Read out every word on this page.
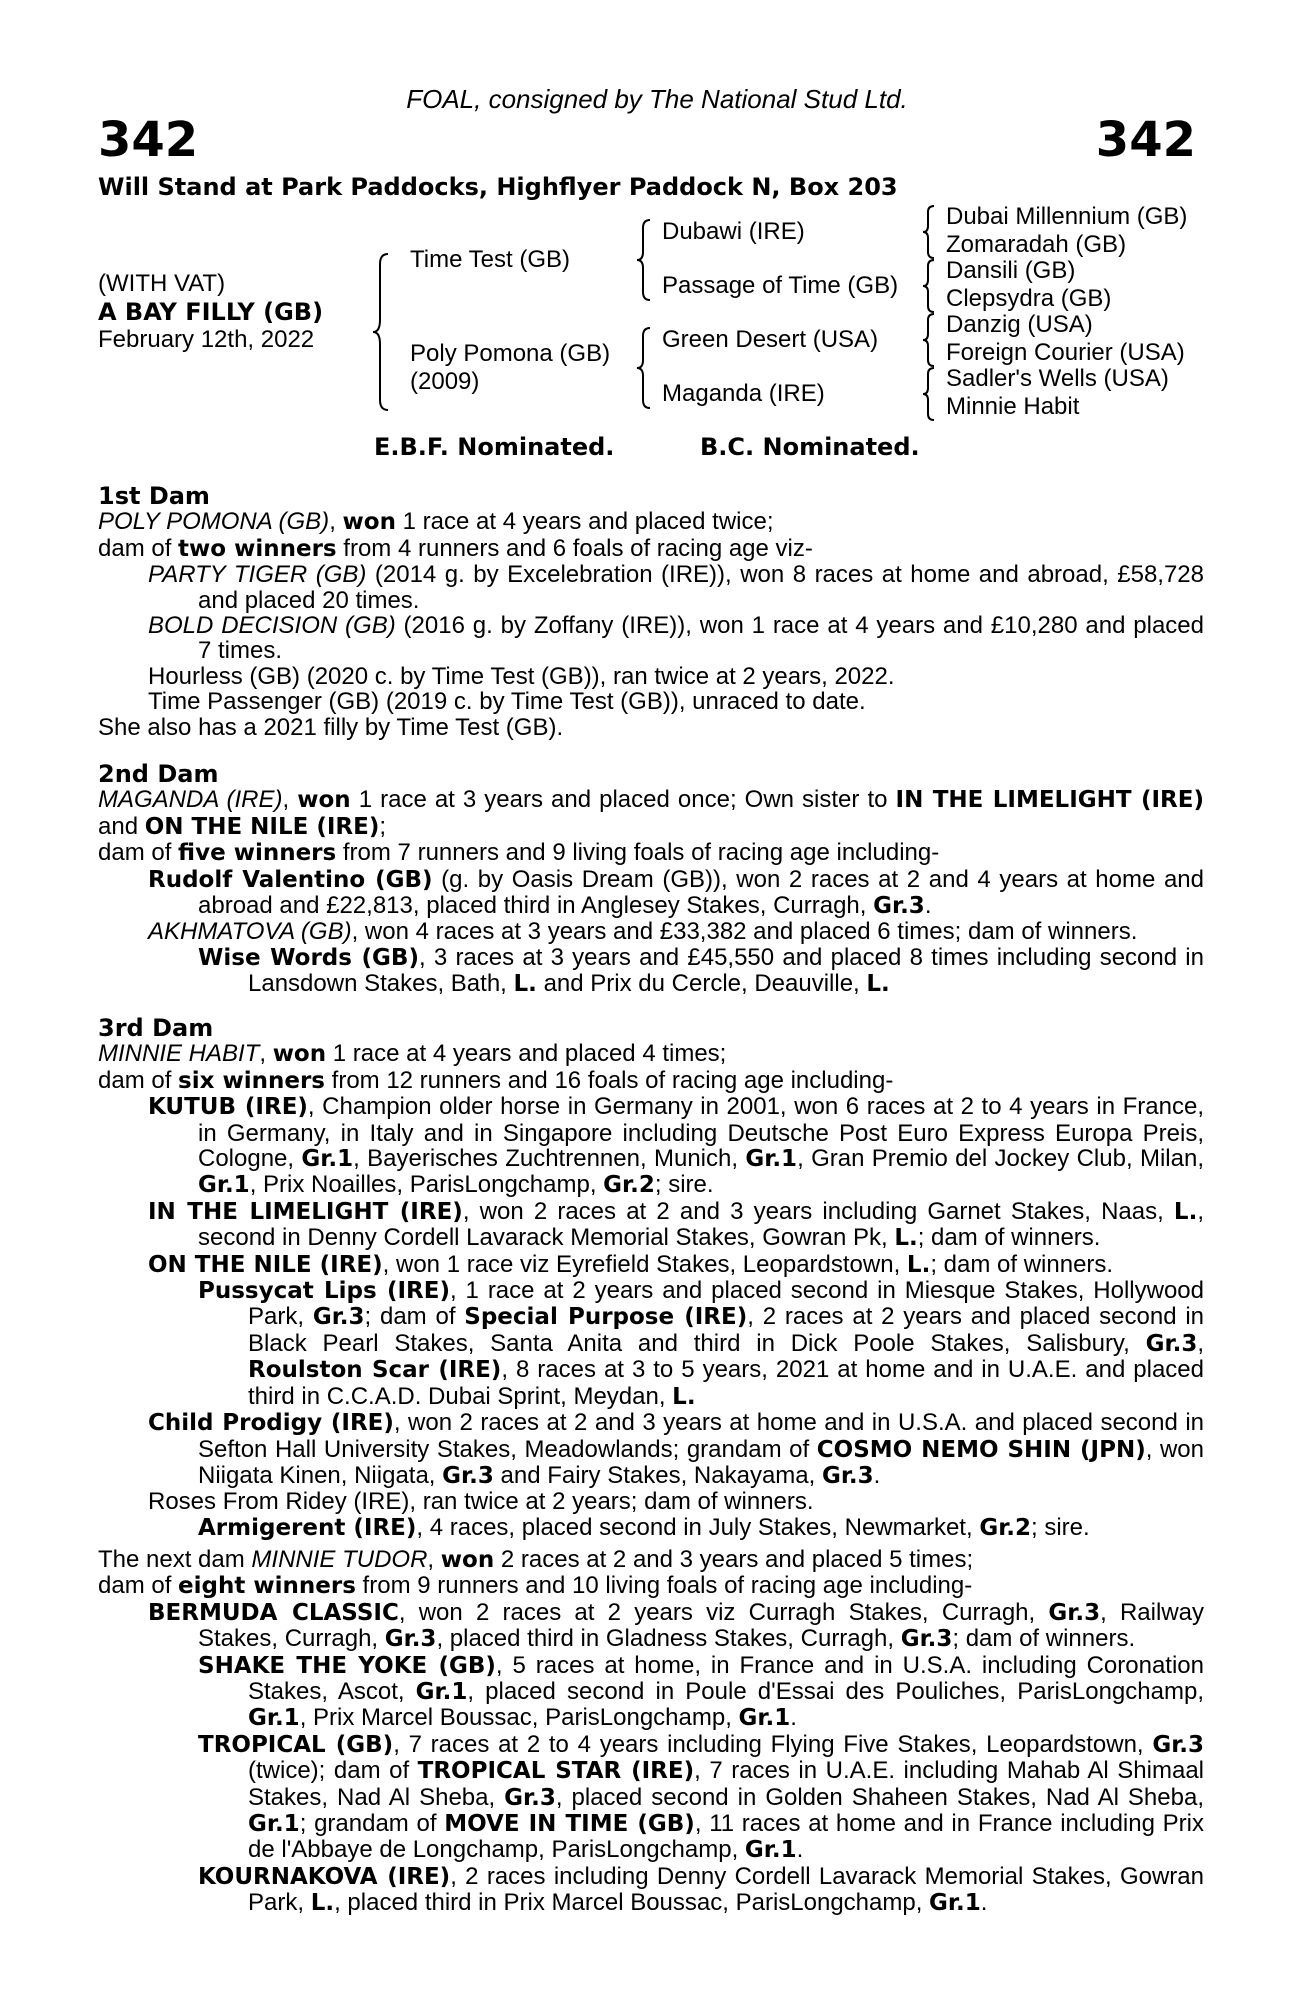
FOAL, consigned by The National Stud Ltd.
342	342
Will Stand at Park Paddocks, Highflyer Paddock N, Box 203
(WITH VAT)
A BAY FILLY (GB)
February 12th, 2022
Time Test (GB)
Poly Pomona (GB)
(2009)
Dubawi (IRE)
Passage of Time (GB)
Green Desert (USA)
Maganda (IRE)
Dubai Millennium (GB)
Zomaradah (GB)
Dansili (GB)
Clepsydra (GB)
Danzig (USA)
Foreign Courier (USA)
Sadler's Wells (USA)
Minnie Habit
E.B.F. Nominated.	B.C. Nominated.

1st Dam

POLY POMONA (GB), won 1 race at 4 years and placed twice;

dam of two winners from 4 runners and 6 foals of racing age viz-

PARTY TIGER (GB) (2014 g. by Excelebration (IRE)), won 8 races at home and abroad, £58,728 and placed 20 times.

BOLD DECISION (GB) (2016 g. by Zoffany (IRE)), won 1 race at 4 years and £10,280 and placed 7 times.

Hourless (GB) (2020 c. by Time Test (GB)), ran twice at 2 years, 2022.

Time Passenger (GB) (2019 c. by Time Test (GB)), unraced to date.

She also has a 2021 filly by Time Test (GB).

2nd Dam

MAGANDA (IRE), won 1 race at 3 years and placed once; Own sister to IN THE LIMELIGHT (IRE) and ON THE NILE (IRE);

dam of five winners from 7 runners and 9 living foals of racing age including-

Rudolf Valentino (GB) (g. by Oasis Dream (GB)), won 2 races at 2 and 4 years at home and abroad and £22,813, placed third in Anglesey Stakes, Curragh, Gr.3.

AKHMATOVA (GB), won 4 races at 3 years and £33,382 and placed 6 times; dam of winners.

Wise Words (GB), 3 races at 3 years and £45,550 and placed 8 times including second in Lansdown Stakes, Bath, L. and Prix du Cercle, Deauville, L.

3rd Dam

MINNIE HABIT, won 1 race at 4 years and placed 4 times;

dam of six winners from 12 runners and 16 foals of racing age including-

KUTUB (IRE), Champion older horse in Germany in 2001, won 6 races at 2 to 4 years in France, in Germany, in Italy and in Singapore including Deutsche Post Euro Express Europa Preis, Cologne, Gr.1, Bayerisches Zuchtrennen, Munich, Gr.1, Gran Premio del Jockey Club, Milan, Gr.1, Prix Noailles, ParisLongchamp, Gr.2; sire.

IN THE LIMELIGHT (IRE), won 2 races at 2 and 3 years including Garnet Stakes, Naas, L., second in Denny Cordell Lavarack Memorial Stakes, Gowran Pk, L.; dam of winners.

ON THE NILE (IRE), won 1 race viz Eyrefield Stakes, Leopardstown, L.; dam of winners.

Pussycat Lips (IRE), 1 race at 2 years and placed second in Miesque Stakes, Hollywood Park, Gr.3; dam of Special Purpose (IRE), 2 races at 2 years and placed second in Black Pearl Stakes, Santa Anita and third in Dick Poole Stakes, Salisbury, Gr.3, Roulston Scar (IRE), 8 races at 3 to 5 years, 2021 at home and in U.A.E. and placed third in C.C.A.D. Dubai Sprint, Meydan, L.

Child Prodigy (IRE), won 2 races at 2 and 3 years at home and in U.S.A. and placed second in Sefton Hall University Stakes, Meadowlands; grandam of COSMO NEMO SHIN (JPN), won Niigata Kinen, Niigata, Gr.3 and Fairy Stakes, Nakayama, Gr.3.

Roses From Ridey (IRE), ran twice at 2 years; dam of winners.

Armigerent (IRE), 4 races, placed second in July Stakes, Newmarket, Gr.2; sire.

The next dam MINNIE TUDOR, won 2 races at 2 and 3 years and placed 5 times;

dam of eight winners from 9 runners and 10 living foals of racing age including-

BERMUDA CLASSIC, won 2 races at 2 years viz Curragh Stakes, Curragh, Gr.3, Railway Stakes, Curragh, Gr.3, placed third in Gladness Stakes, Curragh, Gr.3; dam of winners.

SHAKE THE YOKE (GB), 5 races at home, in France and in U.S.A. including Coronation Stakes, Ascot, Gr.1, placed second in Poule d'Essai des Pouliches, ParisLongchamp, Gr.1, Prix Marcel Boussac, ParisLongchamp, Gr.1.

TROPICAL (GB), 7 races at 2 to 4 years including Flying Five Stakes, Leopardstown, Gr.3 (twice); dam of TROPICAL STAR (IRE), 7 races in U.A.E. including Mahab Al Shimaal Stakes, Nad Al Sheba, Gr.3, placed second in Golden Shaheen Stakes, Nad Al Sheba, Gr.1; grandam of MOVE IN TIME (GB), 11 races at home and in France including Prix de l'Abbaye de Longchamp, ParisLongchamp, Gr.1.

KOURNAKOVA (IRE), 2 races including Denny Cordell Lavarack Memorial Stakes, Gowran Park, L., placed third in Prix Marcel Boussac, ParisLongchamp, Gr.1.
